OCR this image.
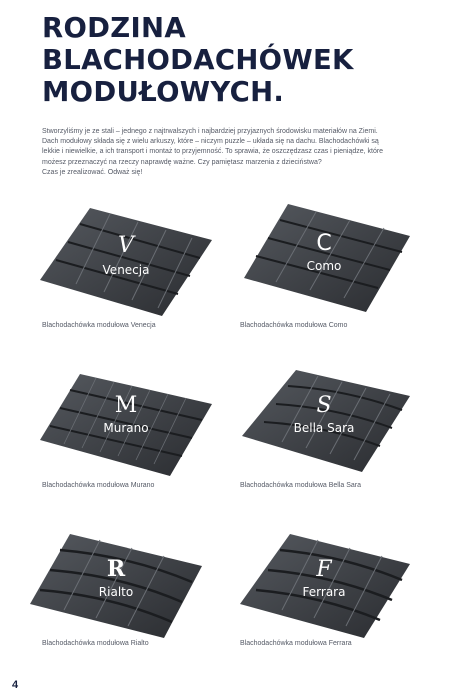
RODZINA
BLACHODACHÓWEK
MODUŁOWYCH.

Stworzyliśmy je ze stali – jednego z najtrwalszych i najbardziej przyjaznych środowisku materiałów na Ziemi.
Dach modułowy składa się z wielu arkuszy, które – niczym puzzle – układa się na dachu. Blachodachówki są
lekkie i niewielkie, a ich transport i montaż to przyjemność. To sprawia, że oszczędzasz czas i pieniądze, które
możesz przeznaczyć na rzeczy naprawdę ważne. Czy pamiętasz marzenia z dzieciństwa?
Czas je zrealizować. Odważ się!

V
Venecja
Blachodachówka modułowa Venecja
C
Como
Blachodachówka modułowa Como
M
Murano
Blachodachówka modułowa Murano
S
Bella Sara
Blachodachówka modułowa Bella Sara
R
Rialto
Blachodachówka modułowa Rialto
F
Ferrara
Blachodachówka modułowa Ferrara
4
